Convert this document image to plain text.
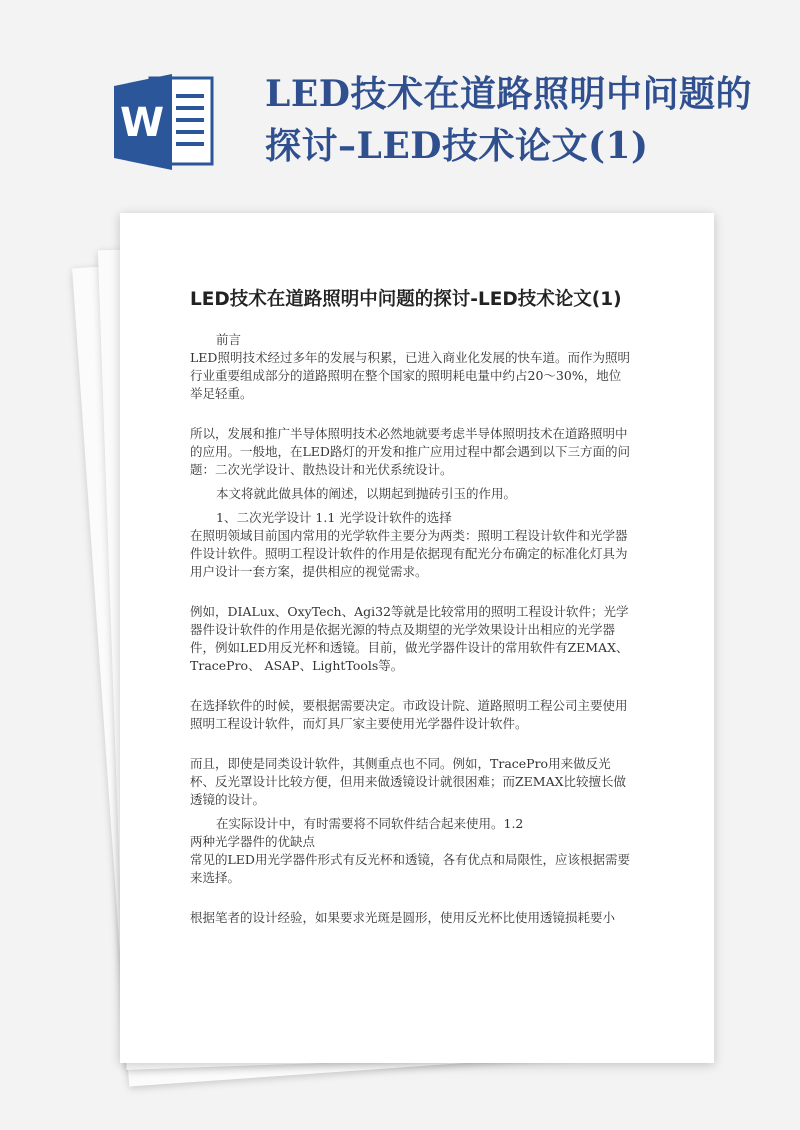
W
LED技术在道路照明中问题的探讨–LED技术论文(1)
LED技术在道路照明中问题的探讨-LED技术论文(1)

前言

LED照明技术经过多年的发展与积累，已进入商业化发展的快车道。而作为照明行业重要组成部分的道路照明在整个国家的照明耗电量中约占20～30%，地位举足轻重。

所以，发展和推广半导体照明技术必然地就要考虑半导体照明技术在道路照明中的应用。一般地，在LED路灯的开发和推广应用过程中都会遇到以下三方面的问题：二次光学设计、散热设计和光伏系统设计。

本文将就此做具体的阐述，以期起到抛砖引玉的作用。

1、二次光学设计 1.1 光学设计软件的选择

在照明领域目前国内常用的光学软件主要分为两类：照明工程设计软件和光学器件设计软件。照明工程设计软件的作用是依据现有配光分布确定的标准化灯具为用户设计一套方案，提供相应的视觉需求。

例如，DIALux、OxyTech、Agi32等就是比较常用的照明工程设计软件；光学器件设计软件的作用是依据光源的特点及期望的光学效果设计出相应的光学器件，例如LED用反光杯和透镜。目前，做光学器件设计的常用软件有ZEMAX、TracePro、 ASAP、LightTools等。

在选择软件的时候，要根据需要决定。市政设计院、道路照明工程公司主要使用照明工程设计软件，而灯具厂家主要使用光学器件设计软件。

而且，即使是同类设计软件，其侧重点也不同。例如，TracePro用来做反光杯、反光罩设计比较方便，但用来做透镜设计就很困难；而ZEMAX比较擅长做透镜的设计。

在实际设计中，有时需要将不同软件结合起来使用。1.2

两种光学器件的优缺点

常见的LED用光学器件形式有反光杯和透镜，各有优点和局限性，应该根据需要来选择。

根据笔者的设计经验，如果要求光斑是圆形，使用反光杯比使用透镜损耗要小
